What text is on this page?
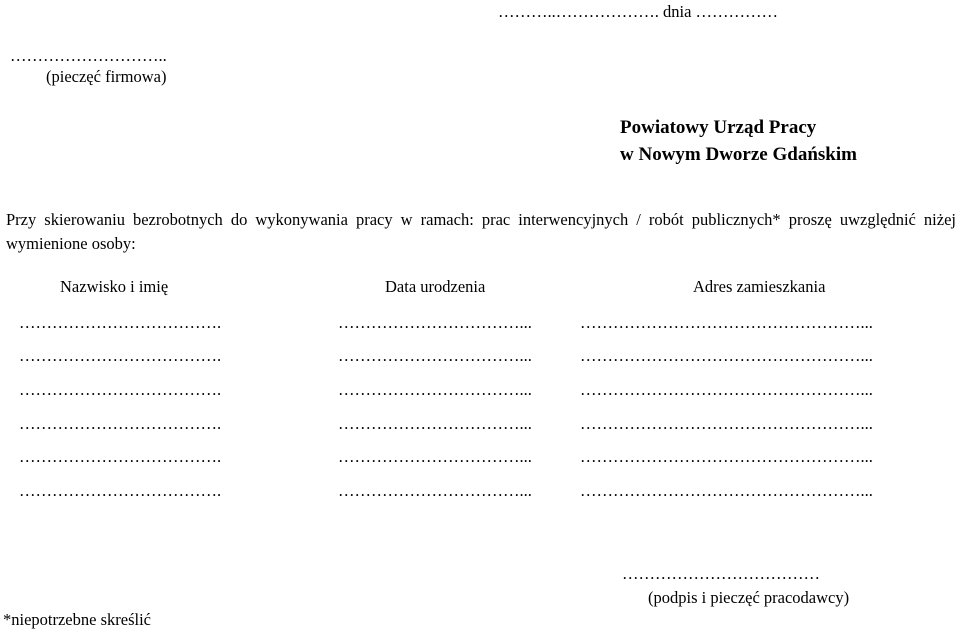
………..………………. dnia ……………
………………………..
(pieczęć firmowa)
Powiatowy Urząd Pracy
w Nowym Dworze Gdańskim
Przy skierowaniu bezrobotnych do wykonywania pracy w ramach: prac interwencyjnych / robót publicznych* proszę uwzględnić niżej wymienione osoby:
Nazwisko i imię	Data urodzenia	Adres zamieszkania
……………………………….	……………………………...	……………………………………………...
……………………………….	……………………………...	……………………………………………...
……………………………….	……………………………...	……………………………………………...
……………………………….	……………………………...	……………………………………………...
……………………………….	……………………………...	……………………………………………...
……………………………….	……………………………...	……………………………………………...
………………………………
(podpis i pieczęć pracodawcy)
*niepotrzebne skreślić
